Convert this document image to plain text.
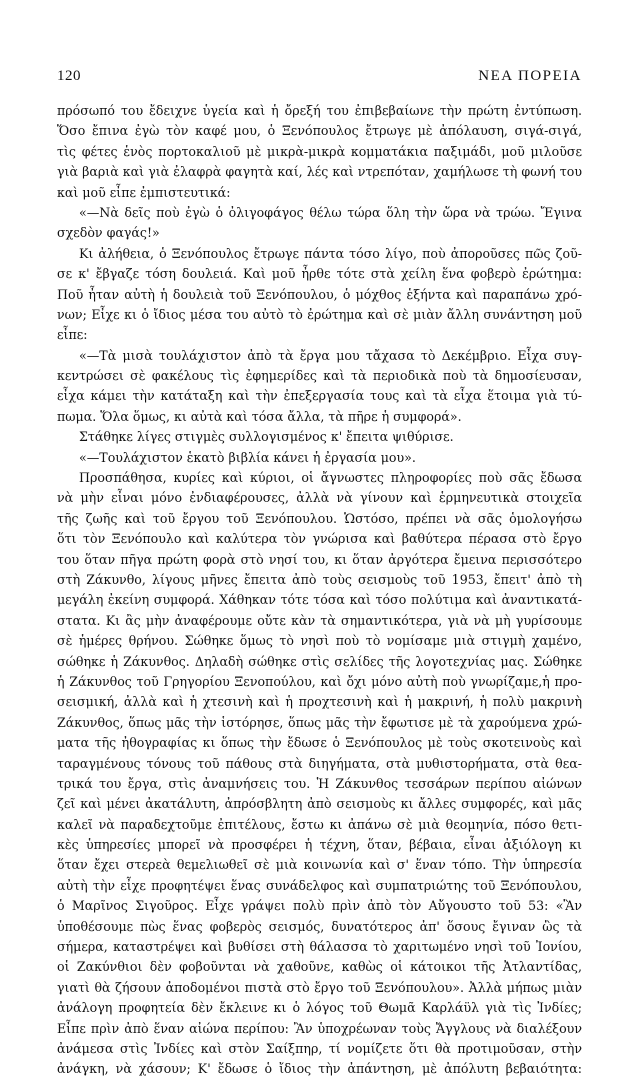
120	ΝΕΑ ΠΟΡΕΙΑ
πρόσωπό του ἔδειχνε ὑγεία καὶ ἡ ὄρεξή του ἐπιβεβαίωνε τὴν πρώτη ἐντύπωση.
Ὅσο ἔπινα ἐγὼ τὸν καφέ μου, ὁ Ξενόπουλος ἔτρωγε μὲ ἀπόλαυση, σιγά-σιγά,
τὶς φέτες ἑνὸς πορτοκαλιοῦ μὲ μικρὰ-μικρὰ κομματάκια παξιμάδι, μοῦ μιλοῦσε
γιὰ βαριὰ καὶ γιὰ ἐλαφρὰ φαγητὰ καί, λές καὶ ντρεπόταν, χαμήλωσε τὴ φωνή του
καὶ μοῦ εἶπε ἐμπιστευτικά:
«—Νὰ δεῖς ποὺ ἐγὼ ὁ ὀλιγοφάγος θέλω τώρα ὅλη τὴν ὥρα νὰ τρώω. Ἔγινα
σχεδὸν φαγάς!»
Κι ἀλήθεια, ὁ Ξενόπουλος ἔτρωγε πάντα τόσο λίγο, ποὺ ἀποροῦσες πῶς ζοῦ-
σε κ' ἔβγαζε τόση δουλειά. Καὶ μοῦ ἦρθε τότε στὰ χείλη ἕνα φοβερὸ ἐρώτημα:
Ποῦ ἦταν αὐτὴ ἡ δουλειὰ τοῦ Ξενόπουλου, ὁ μόχθος ἑξήντα καὶ παραπάνω χρό-
νων; Εἶχε κι ὁ ἴδιος μέσα του αὐτὸ τὸ ἐρώτημα καὶ σὲ μιὰν ἄλλη συνάντηση μοῦ
εἶπε:
«—Τὰ μισὰ τουλάχιστον ἀπὸ τὰ ἔργα μου τἄχασα τὸ Δεκέμβριο. Εἶχα συγ-
κεντρώσει σὲ φακέλους τὶς ἐφημερίδες καὶ τὰ περιοδικὰ ποὺ τὰ δημοσίευσαν,
εἶχα κάμει τὴν κατάταξη καὶ τὴν ἐπεξεργασία τους καὶ τὰ εἶχα ἕτοιμα γιὰ τύ-
πωμα. Ὅλα ὅμως, κι αὐτὰ καὶ τόσα ἄλλα, τὰ πῆρε ἡ συμφορά».
Στάθηκε λίγες στιγμὲς συλλογισμένος κ' ἔπειτα ψιθύρισε.
«—Τουλάχιστον ἑκατὸ βιβλία κάνει ἡ ἐργασία μου».
Προσπάθησα, κυρίες καὶ κύριοι, οἱ ἄγνωστες πληροφορίες ποὺ σᾶς ἔδωσα
νὰ μὴν εἶναι μόνο ἐνδιαφέρουσες, ἀλλὰ νὰ γίνουν καὶ ἑρμηνευτικὰ στοιχεῖα
τῆς ζωῆς καὶ τοῦ ἔργου τοῦ Ξενόπουλου. Ὡστόσο, πρέπει νὰ σᾶς ὁμολογήσω
ὅτι τὸν Ξενόπουλο καὶ καλύτερα τὸν γνώρισα καὶ βαθύτερα πέρασα στὸ ἔργο
του ὅταν πῆγα πρώτη φορὰ στὸ νησί του, κι ὅταν ἀργότερα ἔμεινα περισσότερο
στὴ Ζάκυνθο, λίγους μῆνες ἔπειτα ἀπὸ τοὺς σεισμοὺς τοῦ 1953, ἔπειτ' ἀπὸ τὴ
μεγάλη ἐκείνη συμφορά. Χάθηκαν τότε τόσα καὶ τόσο πολύτιμα καὶ ἀναντικατά-
στατα. Κι ἂς μὴν ἀναφέρουμε οὔτε κὰν τὰ σημαντικότερα, γιὰ νὰ μὴ γυρίσουμε
σὲ ἡμέρες θρήνου. Σώθηκε ὅμως τὸ νησὶ ποὺ τὸ νομίσαμε μιὰ στιγμὴ χαμένο,
σώθηκε ἡ Ζάκυνθος. Δηλαδὴ σώθηκε στὶς σελίδες τῆς λογοτεχνίας μας. Σώθηκε
ἡ Ζάκυνθος τοῦ Γρηγορίου Ξενοπούλου, καὶ ὄχι μόνο αὐτὴ ποὺ γνωρίζαμε,ἡ προ-
σεισμική, ἀλλὰ καὶ ἡ χτεσινὴ καὶ ἡ προχτεσινὴ καὶ ἡ μακρινή, ἡ πολὺ μακρινὴ
Ζάκυνθος, ὅπως μᾶς τὴν ἱστόρησε, ὅπως μᾶς τὴν ἔφωτισε μὲ τὰ χαρούμενα χρώ-
ματα τῆς ἠθογραφίας κι ὅπως τὴν ἔδωσε ὁ Ξενόπουλος μὲ τοὺς σκοτεινοὺς καὶ
ταραγμένους τόνους τοῦ πάθους στὰ διηγήματα, στὰ μυθιστορήματα, στὰ θεα-
τρικά του ἔργα, στὶς ἀναμνήσεις του. Ἡ Ζάκυνθος τεσσάρων περίπου αἰώνων
ζεῖ καὶ μένει ἀκατάλυτη, ἀπρόσβλητη ἀπὸ σεισμοὺς κι ἄλλες συμφορές, καὶ μᾶς
καλεῖ νὰ παραδεχτοῦμε ἐπιτέλους, ἔστω κι ἀπάνω σὲ μιὰ θεομηνία, πόσο θετι-
κὲς ὑπηρεσίες μπορεῖ νὰ προσφέρει ἡ τέχνη, ὅταν, βέβαια, εἶναι ἀξιόλογη κι
ὅταν ἔχει στερεὰ θεμελιωθεῖ σὲ μιὰ κοινωνία καὶ σ' ἕναν τόπο. Τὴν ὑπηρεσία
αὐτὴ τὴν εἶχε προφητέψει ἕνας συνάδελφος καὶ συμπατριώτης τοῦ Ξενόπουλου,
ὁ Μαρῖνος Σιγοῦρος. Εἶχε γράψει πολὺ πρὶν ἀπὸ τὸν Αὔγουστο τοῦ 53: «Ἂν
ὑποθέσουμε πὼς ἕνας φοβερὸς σεισμός, δυνατότερος ἀπ' ὅσους ἔγιναν ὣς τὰ
σήμερα, καταστρέψει καὶ βυθίσει στὴ θάλασσα τὸ χαριτωμένο νησὶ τοῦ Ἰονίου,
οἱ Ζακύνθιοι δὲν φοβοῦνται νὰ χαθοῦνε, καθὼς οἱ κάτοικοι τῆς Ἀτλαντίδας,
γιατὶ θὰ ζήσουν ἀποδομένοι πιστὰ στὸ ἔργο τοῦ Ξενόπουλου». Ἀλλὰ μήπως μιὰν
ἀνάλογη προφητεία δὲν ἔκλεινε κι ὁ λόγος τοῦ Θωμᾶ Καρλάϋλ γιὰ τὶς Ἰνδίες;
Εἶπε πρὶν ἀπὸ ἕναν αἰώνα περίπου: Ἂν ὑποχρέωναν τοὺς Ἄγγλους νὰ διαλέξουν
ἀνάμεσα στὶς Ἰνδίες καὶ στὸν Σαίξπηρ, τί νομίζετε ὅτι θὰ προτιμοῦσαν, στὴν
ἀνάγκη, νὰ χάσουν; Κ' ἔδωσε ὁ ἴδιος τὴν ἀπάντηση, μὲ ἀπόλυτη βεβαιότητα:
